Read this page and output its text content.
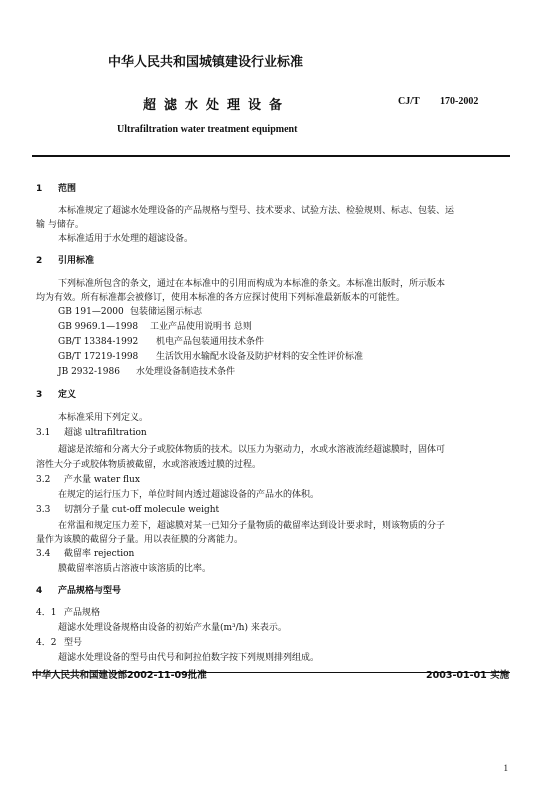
中华人民共和国城镇建设行业标准
超滤水处理设备	CJ/T 170-2002
Ultrafiltration water treatment equipment
1 范围
本标准规定了超滤水处理设备的产品规格与型号、技术要求、试验方法、检验规则、标志、包装、运
输 与储存。
本标准适用于水处理的超滤设备。
2 引用标准
下列标准所包含的条文，通过在本标准中的引用而构成为本标准的条文。本标准出版时，所示版本
均为有效。所有标准都会被修订，使用本标准的各方应探讨使用下列标准最新版本的可能性。
GB 191—2000 包装储运图示标志
GB 9969.1—1998 工业产品使用说明书 总则
GB/T 13384-1992 机电产品包装通用技术条件
GB/T 17219-1998 生活饮用水输配水设备及防护材料的安全性评价标准
JB 2932-1986 水处理设备制造技术条件
3 定义
本标准采用下列定义。
3.1 超滤 ultrafiltration
超滤是浓缩和分离大分子或胶体物质的技术。以压力为驱动力，水或水溶液流经超滤膜时，固体可
溶性大分子或胶体物质被截留，水或溶液透过膜的过程。
3.2 产水量 water flux
在规定的运行压力下，单位时间内透过超滤设备的产品水的体积。
3.3 切割分子量 cut-off molecule weight
在常温和规定压力差下，超滤膜对某一已知分子量物质的截留率达到设计要求时，则该物质的分子
量作为该膜的截留分子量。用以表征膜的分离能力。
3.4 截留率 rejection
膜截留率溶质占溶液中该溶质的比率。
4 产品规格与型号
4．1 产品规格
超滤水处理设备规格由设备的初始产水量(m³/h) 来表示。
4．2 型号
超滤水处理设备的型号由代号和阿拉伯数字按下列规则排列组成。
中华人民共和国建设部2002-11-09批准	2003-01-01 实施
1
